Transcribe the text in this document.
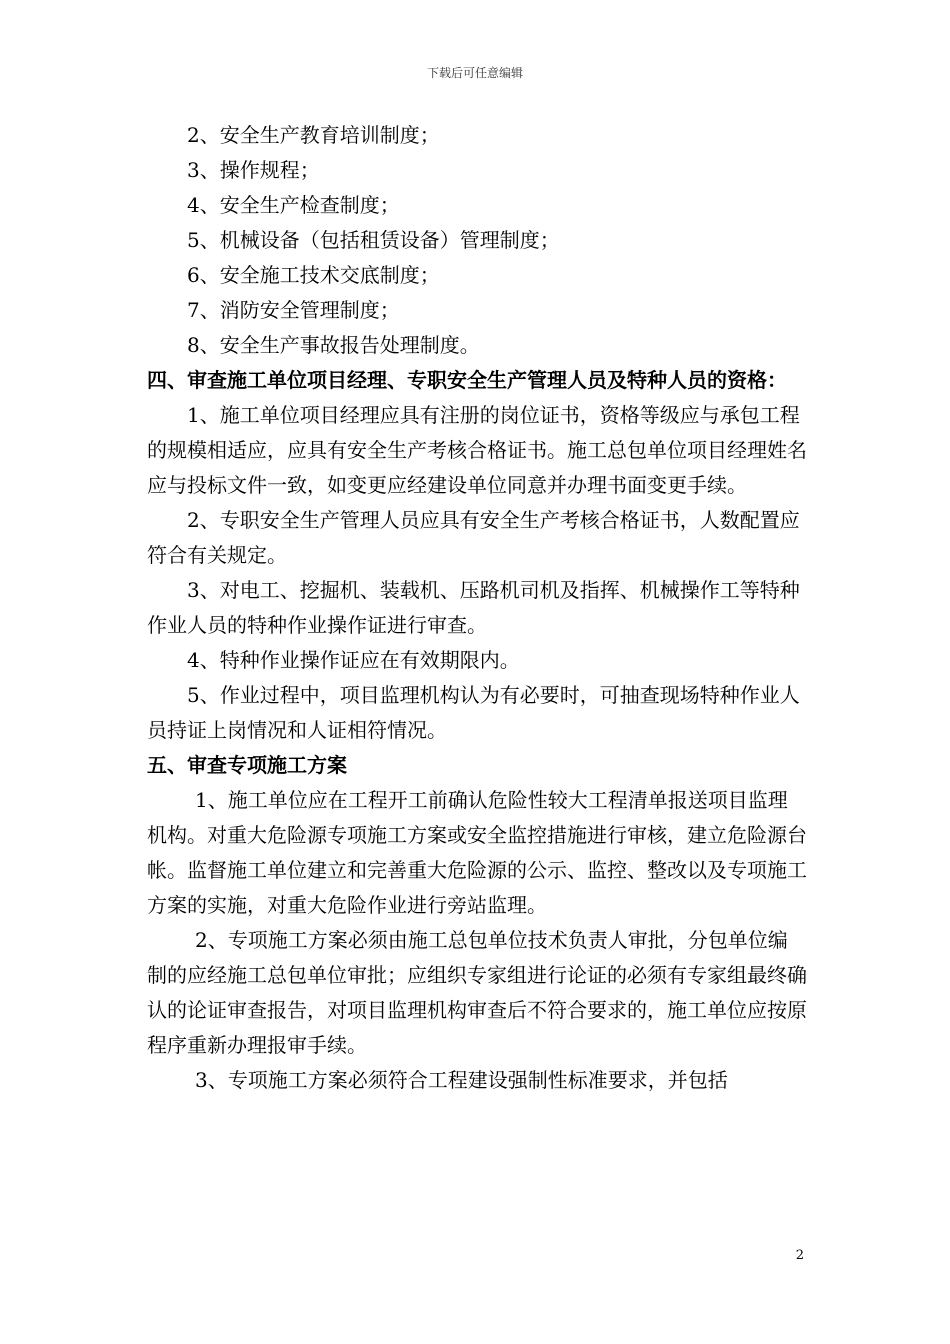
下载后可任意编辑
2、安全生产教育培训制度；
3、操作规程；
4、安全生产检查制度；
5、机械设备（包括租赁设备）管理制度；
6、安全施工技术交底制度；
7、消防安全管理制度；
8、安全生产事故报告处理制度。

四、审查施工单位项目经理、专职安全生产管理人员及特种人员的资格：

1、施工单位项目经理应具有注册的岗位证书，资格等级应与承包工程的规模相适应，应具有安全生产考核合格证书。施工总包单位项目经理姓名应与投标文件一致，如变更应经建设单位同意并办理书面变更手续。

2、专职安全生产管理人员应具有安全生产考核合格证书，人数配置应符合有关规定。

3、对电工、挖掘机、装载机、压路机司机及指挥、机械操作工等特种作业人员的特种作业操作证进行审查。

4、特种作业操作证应在有效期限内。

5、作业过程中，项目监理机构认为有必要时，可抽查现场特种作业人员持证上岗情况和人证相符情况。

五、审查专项施工方案

1、施工单位应在工程开工前确认危险性较大工程清单报送项目监理机构。对重大危险源专项施工方案或安全监控措施进行审核，建立危险源台帐。监督施工单位建立和完善重大危险源的公示、监控、整改以及专项施工方案的实施，对重大危险作业进行旁站监理。

2、专项施工方案必须由施工总包单位技术负责人审批，分包单位编制的应经施工总包单位审批；应组织专家组进行论证的必须有专家组最终确认的论证审查报告，对项目监理机构审查后不符合要求的，施工单位应按原程序重新办理报审手续。

3、专项施工方案必须符合工程建设强制性标准要求，并包括

2
